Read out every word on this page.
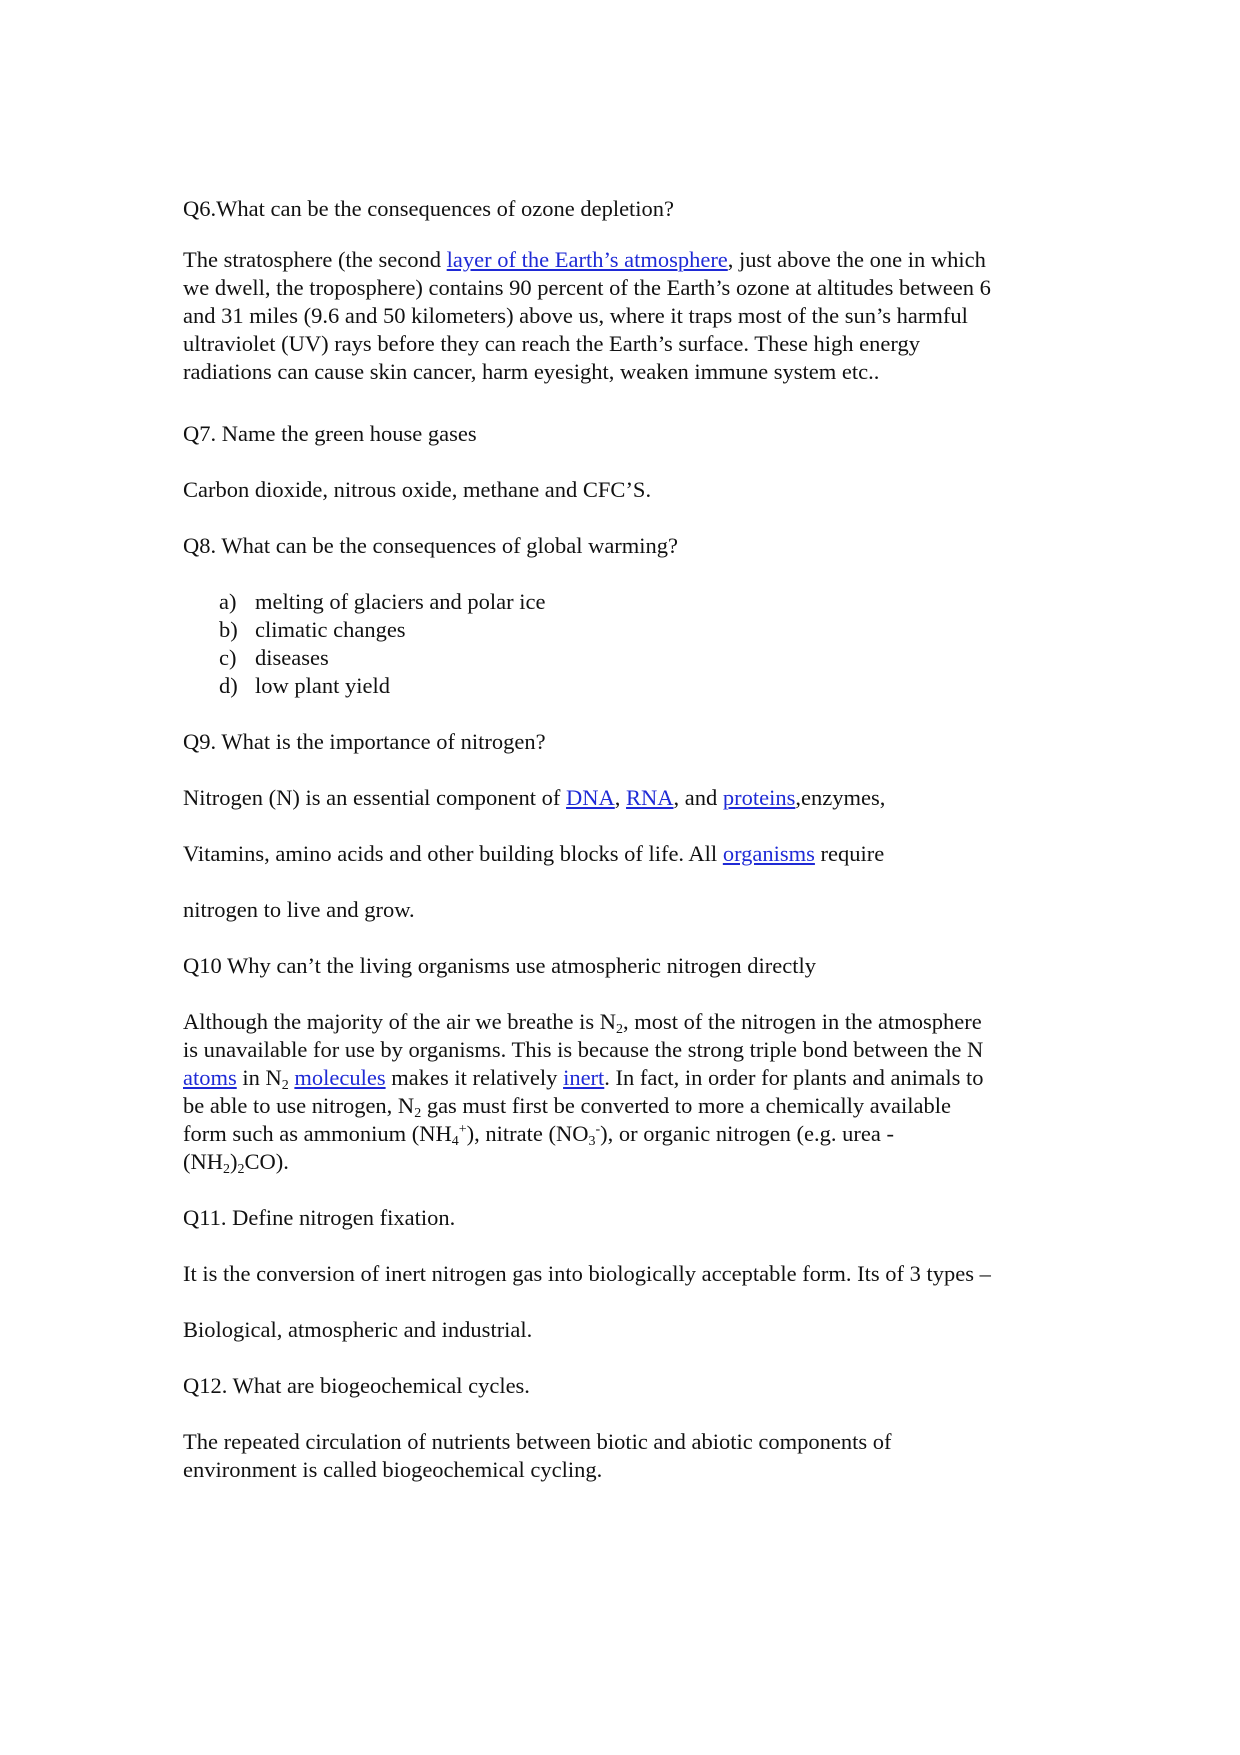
Q6.What can be the consequences of ozone depletion?

The stratosphere (the second layer of the Earth’s atmosphere, just above the one in which

we dwell, the troposphere) contains 90 percent of the Earth’s ozone at altitudes between 6

and 31 miles (9.6 and 50 kilometers) above us, where it traps most of the sun’s harmful

ultraviolet (UV) rays before they can reach the Earth’s surface. These high energy

radiations can cause skin cancer, harm eyesight, weaken immune system etc..

Q7. Name the green house gases

Carbon dioxide, nitrous oxide, methane and CFC’S.

Q8. What can be the consequences of global warming?

a) melting of glaciers and polar ice

b) climatic changes

c) diseases

d) low plant yield

Q9. What is the importance of nitrogen?

Nitrogen (N) is an essential component of DNA, RNA, and proteins,enzymes,

Vitamins, amino acids and other building blocks of life. All organisms require

nitrogen to live and grow.

Q10 Why can’t the living organisms use atmospheric nitrogen directly

Although the majority of the air we breathe is $N_2$, most of the nitrogen in the atmosphere

is unavailable for use by organisms. This is because the strong triple bond between the N

atoms in $N_2$ molecules makes it relatively inert. In fact, in order for plants and animals to

be able to use nitrogen, $N_2$ gas must first be converted to more a chemically available

form such as ammonium $(NH_4^+)$, nitrate $(NO_3^-)$, or organic nitrogen (e.g. urea -

$(NH_2)_2CO$).

Q11. Define nitrogen fixation.

It is the conversion of inert nitrogen gas into biologically acceptable form. Its of 3 types –

Biological, atmospheric and industrial.

Q12. What are biogeochemical cycles.

The repeated circulation of nutrients between biotic and abiotic components of

environment is called biogeochemical cycling.
